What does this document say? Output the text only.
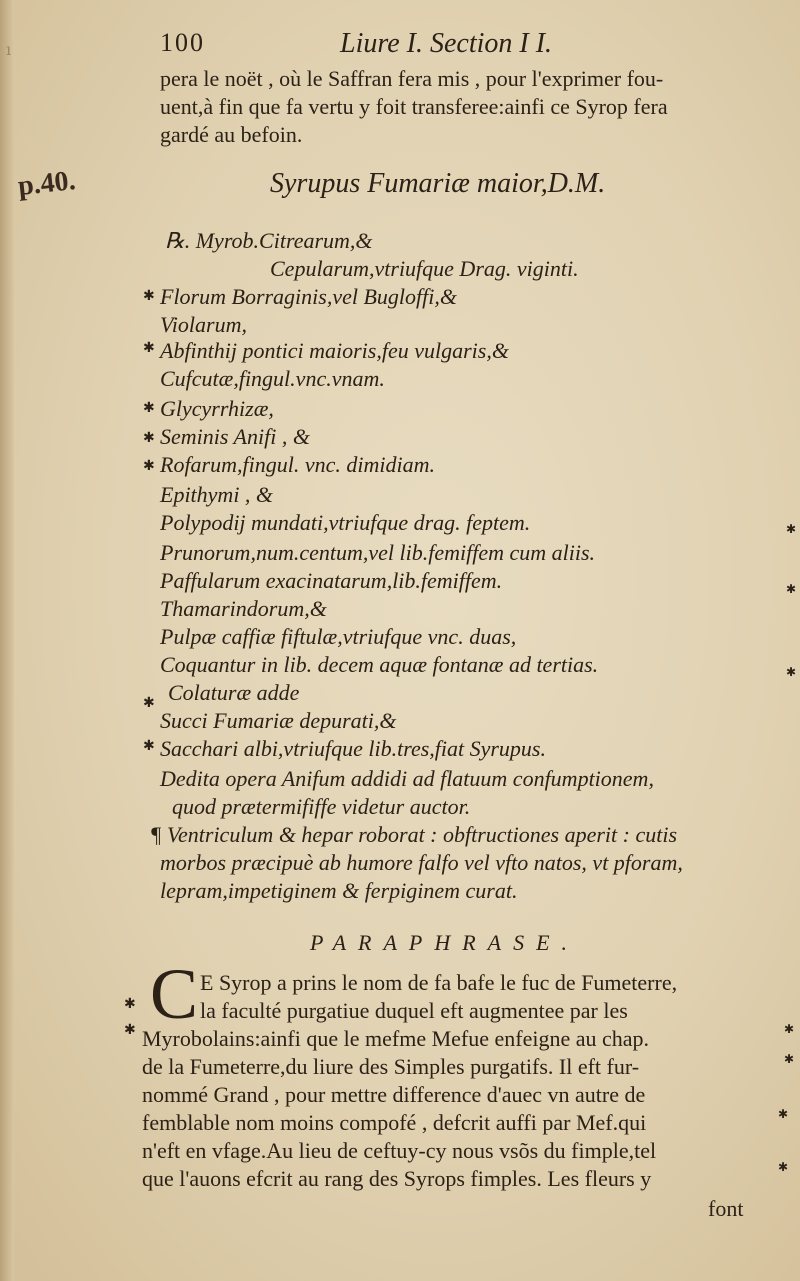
ı
p.40.
100	Liure I. Section I I.
pera le noët , où le Saffran fera mis , pour l'exprimer fou-
uent,à fin que fa vertu y foit transferee:ainfi ce Syrop fera
gardé au befoin.
Syrupus Fumariæ maior,D.M.
℞. Myrob.Citrearum,&
Cepularum,vtriufque Drag. viginti.
✱ Florum Borraginis,vel Bugloffi,&
Violarum,
✱ Abfinthij pontici maioris,feu vulgaris,&
Cufcutæ,fingul.vnc.vnam.
✱ Glycyrrhizæ,
✱ Seminis Anifi , &
✱ Rofarum,fingul. vnc. dimidiam.
Epithymi , &
Polypodij mundati,vtriufque drag. feptem.
Prunorum,num.centum,vel lib.femiffem cum aliis.
Paffularum exacinatarum,lib.femiffem.
Thamarindorum,&
Pulpæ caffiæ fiftulæ,vtriufque vnc. duas,
Coquantur in lib. decem aquæ fontanæ ad tertias.
✱ Colaturæ adde
Succi Fumariæ depurati,&
✱ Sacchari albi,vtriufque lib.tres,fiat Syrupus.
Dedita opera Anifum addidi ad flatuum confumptionem,
quod prætermififfe videtur auctor.
¶ Ventriculum & hepar roborat : obftructiones aperit : cutis
morbos præcipuè ab humore falfo vel vfto natos, vt pforam,
lepram,impetiginem & ferpiginem curat.
✱
✱
✱
✱
✱
✱
✱
✱
✱
PARAPHRASE.
C E Syrop a prins le nom de fa bafe le fuc de Fumeterre,
la faculté purgatiue duquel eft augmentee par les
Myrobolains:ainfi que le mefme Mefue enfeigne au chap.
de la Fumeterre,du liure des Simples purgatifs. Il eft fur-
nommé Grand , pour mettre difference d'auec vn autre de
femblable nom moins compofé , defcrit auffi par Mef.qui
n'eft en vfage.Au lieu de ceftuy-cy nous vsõs du fimple,tel
que l'auons efcrit au rang des Syrops fimples. Les fleurs y
font
